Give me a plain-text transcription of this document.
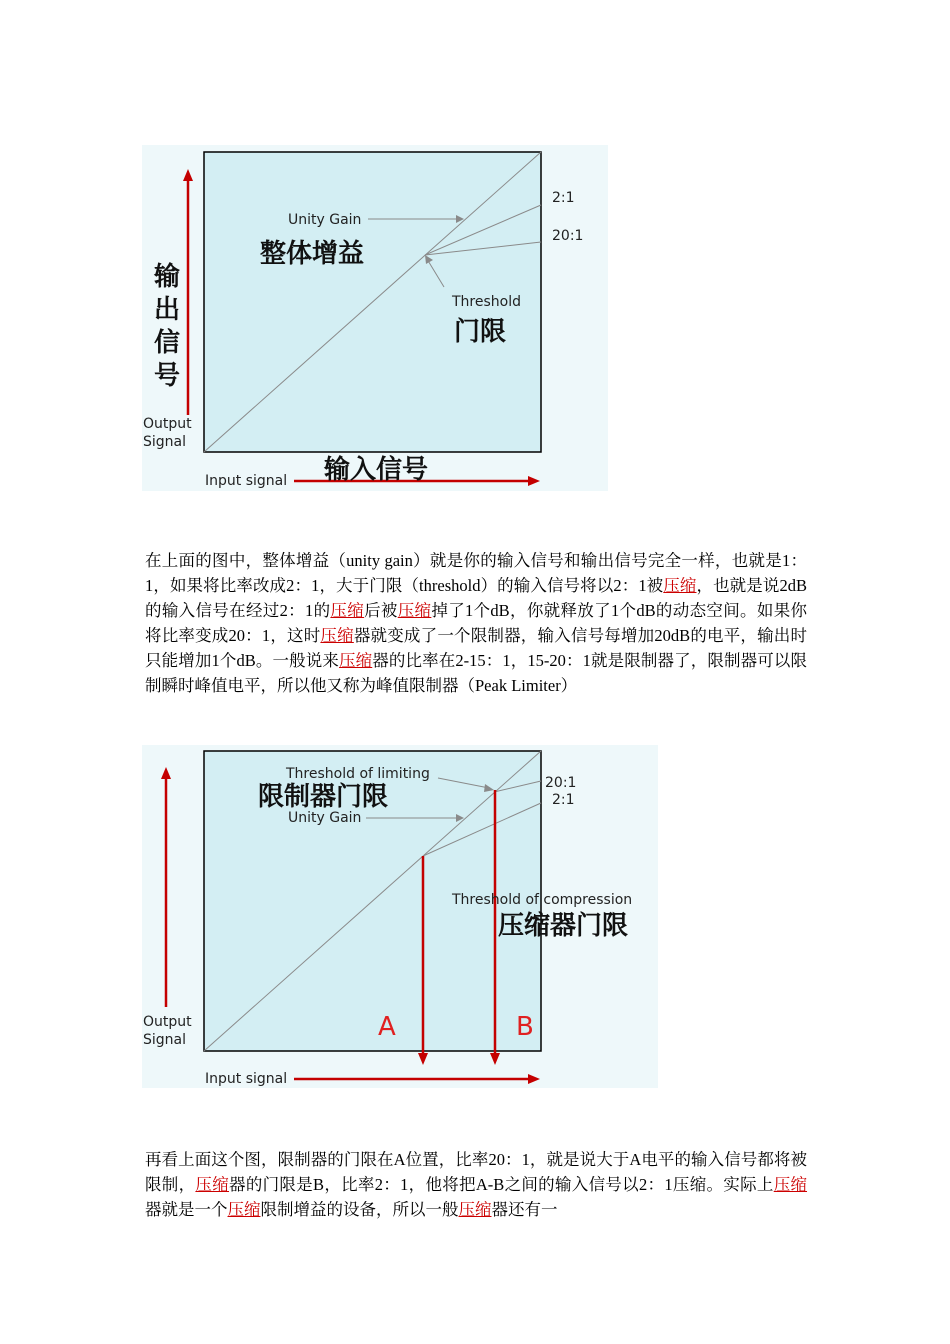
Unity Gain
整体增益
2:1
20:1
Threshold
门限
输
出
信
号
Output
Signal
Input signal 输入信号
在上面的图中，整体增益（unity gain）就是你的输入信号和输出信号完全一样，也就是1：1，如果将比率改成2：1，大于门限（threshold）的输入信号将以2：1被压缩，也就是说2dB的输入信号在经过2：1的压缩后被压缩掉了1个dB，你就释放了1个dB的动态空间。如果你将比率变成20：1，这时压缩器就变成了一个限制器，输入信号每增加20dB的电平，输出时只能增加1个dB。一般说来压缩器的比率在2-15：1，15-20：1就是限制器了，限制器可以限制瞬时峰值电平，所以他又称为峰值限制器（Peak Limiter）
Threshold of limiting
限制器门限
Unity Gain
20:1
2:1
Threshold of compression
压缩器门限
A	B
Output
Signal
Input signal
再看上面这个图，限制器的门限在A位置，比率20：1，就是说大于A电平的输入信号都将被限制，压缩器的门限是B，比率2：1，他将把A-B之间的输入信号以2：1压缩。实际上压缩器就是一个压缩限制增益的设备，所以一般压缩器还有一
